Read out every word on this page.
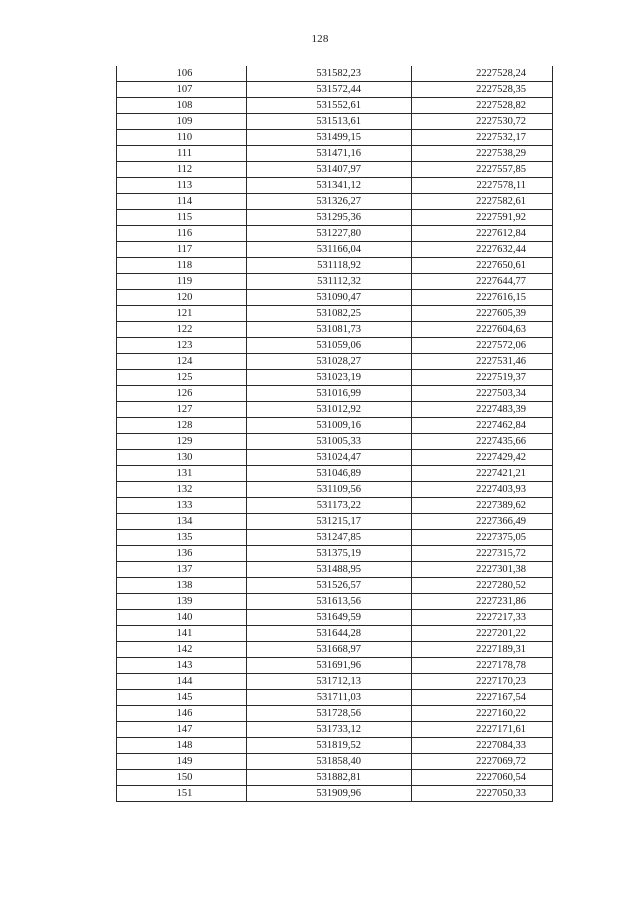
128
106	531582,23	2227528,24
107	531572,44	2227528,35
108	531552,61	2227528,82
109	531513,61	2227530,72
110	531499,15	2227532,17
111	531471,16	2227538,29
112	531407,97	2227557,85
113	531341,12	2227578,11
114	531326,27	2227582,61
115	531295,36	2227591,92
116	531227,80	2227612,84
117	531166,04	2227632,44
118	531118,92	2227650,61
119	531112,32	2227644,77
120	531090,47	2227616,15
121	531082,25	2227605,39
122	531081,73	2227604,63
123	531059,06	2227572,06
124	531028,27	2227531,46
125	531023,19	2227519,37
126	531016,99	2227503,34
127	531012,92	2227483,39
128	531009,16	2227462,84
129	531005,33	2227435,66
130	531024,47	2227429,42
131	531046,89	2227421,21
132	531109,56	2227403,93
133	531173,22	2227389,62
134	531215,17	2227366,49
135	531247,85	2227375,05
136	531375,19	2227315,72
137	531488,95	2227301,38
138	531526,57	2227280,52
139	531613,56	2227231,86
140	531649,59	2227217,33
141	531644,28	2227201,22
142	531668,97	2227189,31
143	531691,96	2227178,78
144	531712,13	2227170,23
145	531711,03	2227167,54
146	531728,56	2227160,22
147	531733,12	2227171,61
148	531819,52	2227084,33
149	531858,40	2227069,72
150	531882,81	2227060,54
151	531909,96	2227050,33
